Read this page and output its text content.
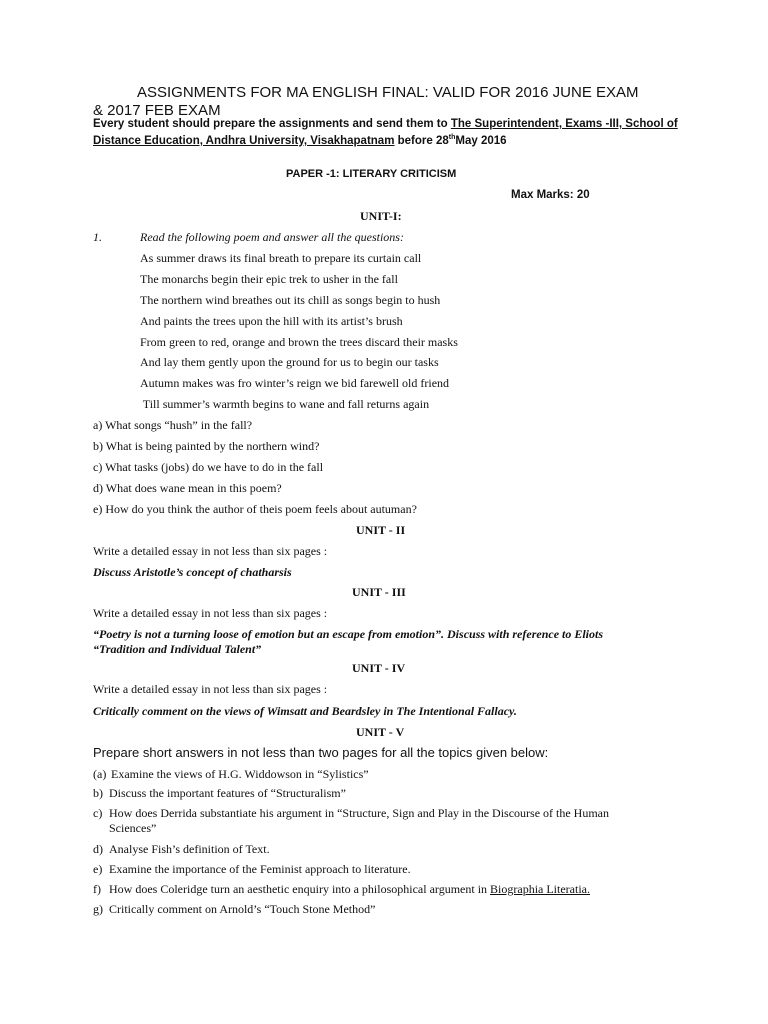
ASSIGNMENTS FOR MA ENGLISH FINAL: VALID FOR 2016 JUNE EXAM
& 2017 FEB EXAM
Every student should prepare the assignments and send them to The Superintendent, Exams -III, School of Distance Education, Andhra University, Visakhapatnam before 28thMay 2016
PAPER -1: LITERARY CRITICISM
Max Marks: 20
UNIT-I:
1.	Read the following poem and answer all the questions:
As summer draws its final breath to prepare its curtain call
The monarchs begin their epic trek to usher in the fall
The northern wind breathes out its chill as songs begin to hush
And paints the trees upon the hill with its artist’s brush
From green to red, orange and brown the trees discard their masks
And lay them gently upon the ground for us to begin our tasks
Autumn makes was fro winter’s reign we bid farewell old friend
Till summer’s warmth begins to wane and fall returns again
a) What songs “hush” in the fall?
b) What is being painted by the northern wind?
c) What tasks (jobs) do we have to do in the fall
d) What does wane mean in this poem?
e) How do you think the author of theis poem feels about autuman?
UNIT - II
Write a detailed essay in not less than six pages :
Discuss Aristotle’s concept of chatharsis
UNIT - III
Write a detailed essay in not less than six pages :
“Poetry is not a turning loose of emotion but an escape from emotion”. Discuss with reference to Eliots “Tradition and Individual Talent”
UNIT - IV
Write a detailed essay in not less than six pages :
Critically comment on the views of Wimsatt and Beardsley in The Intentional Fallacy.
UNIT - V
Prepare short answers in not less than two pages for all the topics given below:
(a) Examine the views of H.G. Widdowson in “Sylistics”
b) Discuss the important features of “Structuralism”
c) How does Derrida substantiate his argument in “Structure, Sign and Play in the Discourse of the Human
Sciences”
d) Analyse Fish’s definition of Text.
e) Examine the importance of the Feminist approach to literature.
f) How does Coleridge turn an aesthetic enquiry into a philosophical argument in Biographia Literatia.
g) Critically comment on Arnold’s “Touch Stone Method”
